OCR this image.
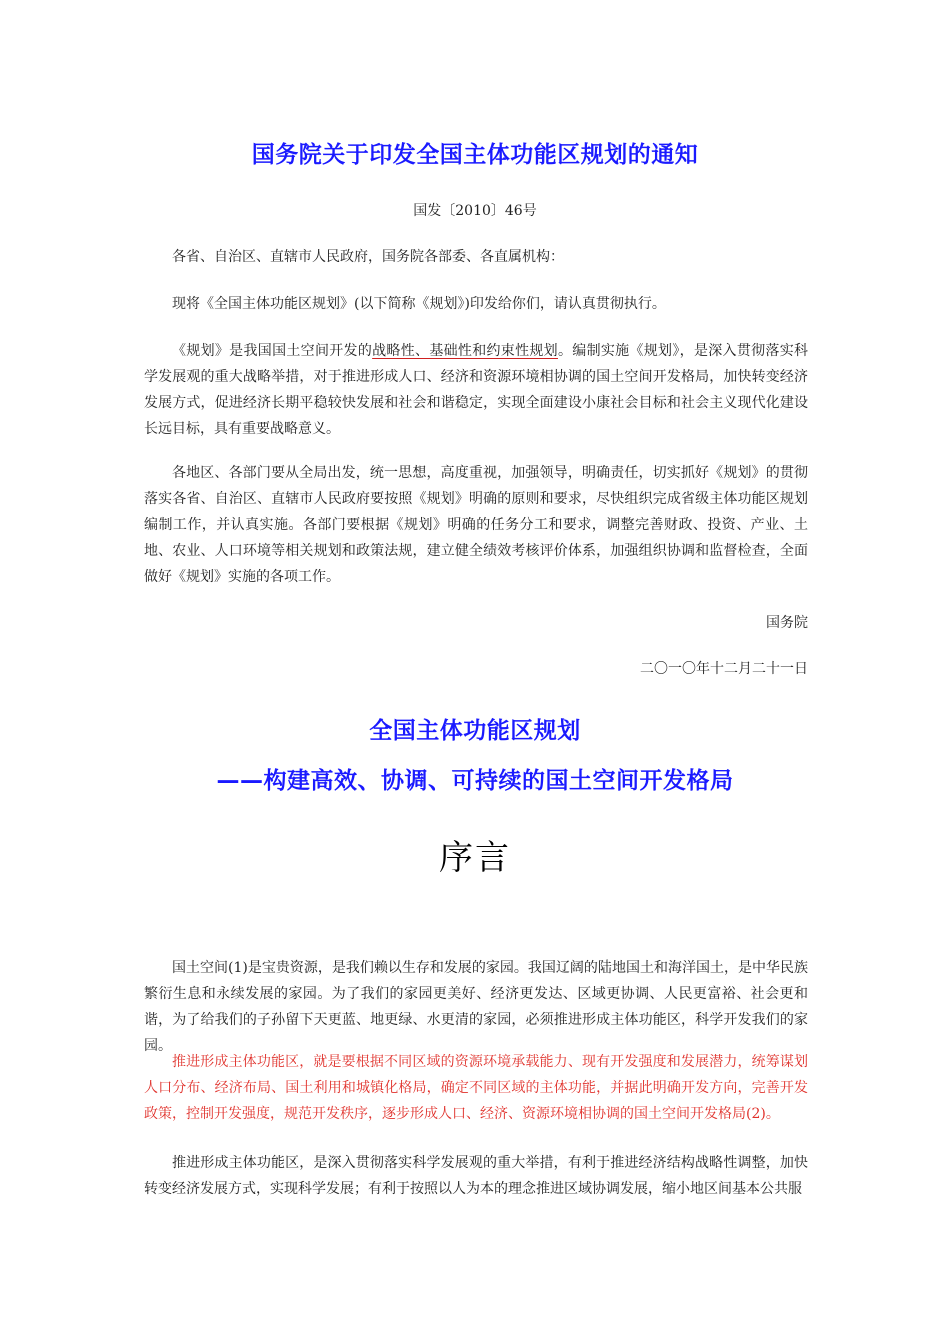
国务院关于印发全国主体功能区规划的通知
国发〔2010〕46号
各省、自治区、直辖市人民政府，国务院各部委、各直属机构：
现将《全国主体功能区规划》(以下简称《规划》)印发给你们，请认真贯彻执行。
《规划》是我国国土空间开发的战略性、基础性和约束性规划。编制实施《规划》，是深入贯彻落实科学发展观的重大战略举措，对于推进形成人口、经济和资源环境相协调的国土空间开发格局，加快转变经济发展方式，促进经济长期平稳较快发展和社会和谐稳定，实现全面建设小康社会目标和社会主义现代化建设长远目标，具有重要战略意义。
各地区、各部门要从全局出发，统一思想，高度重视，加强领导，明确责任，切实抓好《规划》的贯彻落实各省、自治区、直辖市人民政府要按照《规划》明确的原则和要求，尽快组织完成省级主体功能区规划编制工作，并认真实施。各部门要根据《规划》明确的任务分工和要求，调整完善财政、投资、产业、土地、农业、人口环境等相关规划和政策法规，建立健全绩效考核评价体系，加强组织协调和监督检查，全面做好《规划》实施的各项工作。
国务院
二〇一〇年十二月二十一日
全国主体功能区规划
——构建高效、协调、可持续的国土空间开发格局
序言
国土空间(1)是宝贵资源，是我们赖以生存和发展的家园。我国辽阔的陆地国土和海洋国土，是中华民族繁衍生息和永续发展的家园。为了我们的家园更美好、经济更发达、区域更协调、人民更富裕、社会更和谐，为了给我们的子孙留下天更蓝、地更绿、水更清的家园，必须推进形成主体功能区，科学开发我们的家园。
推进形成主体功能区，就是要根据不同区域的资源环境承载能力、现有开发强度和发展潜力，统筹谋划人口分布、经济布局、国土利用和城镇化格局，确定不同区域的主体功能，并据此明确开发方向，完善开发政策，控制开发强度，规范开发秩序，逐步形成人口、经济、资源环境相协调的国土空间开发格局(2)。
推进形成主体功能区，是深入贯彻落实科学发展观的重大举措，有利于推进经济结构战略性调整，加快转变经济发展方式，实现科学发展；有利于按照以人为本的理念推进区域协调发展，缩小地区间基本公共服
